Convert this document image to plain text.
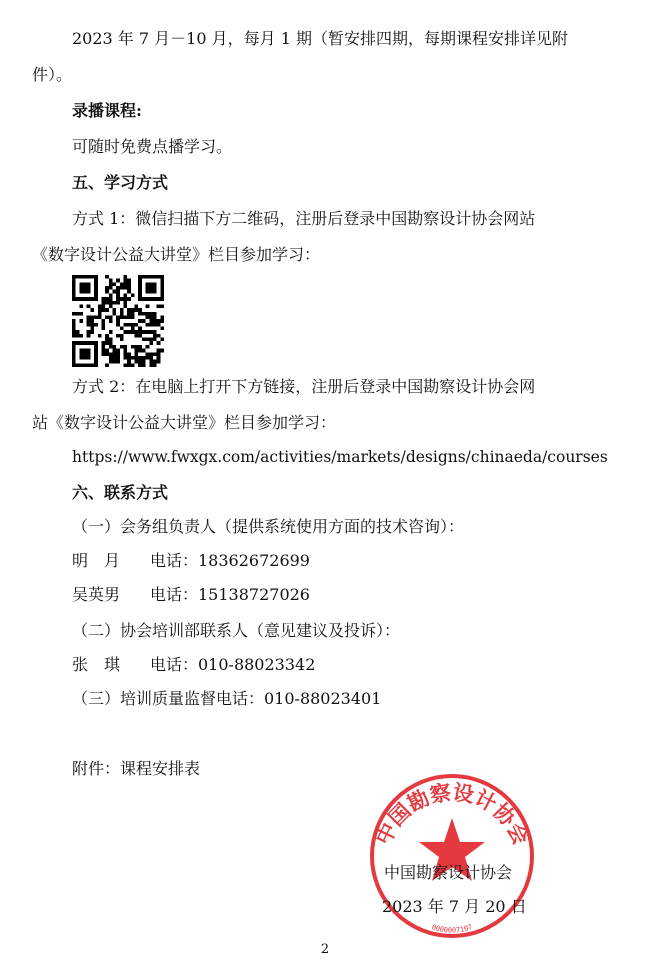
2023 年 7 月－10 月，每月 1 期（暂安排四期，每期课程安排详见附
件）。
录播课程:
可随时免费点播学习。
五、学习方式
方式 1：微信扫描下方二维码，注册后登录中国勘察设计协会网站
《数字设计公益大讲堂》栏目参加学习：
方式 2：在电脑上打开下方链接，注册后登录中国勘察设计协会网
站《数字设计公益大讲堂》栏目参加学习：
https://www.fwxgx.com/activities/markets/designs/chinaeda/courses
六、联系方式
（一）会务组负责人（提供系统使用方面的技术咨询）：
明　月 电话：18362672699
吴英男 电话：15138727026
（二）协会培训部联系人（意见建议及投诉）：
张　琪 电话：010-88023342
（三）培训质量监督电话：010-88023401
附件：课程安排表
中国勘察设计协会
0000007107
中国勘察设计协会
2023 年 7 月 20 日
2
